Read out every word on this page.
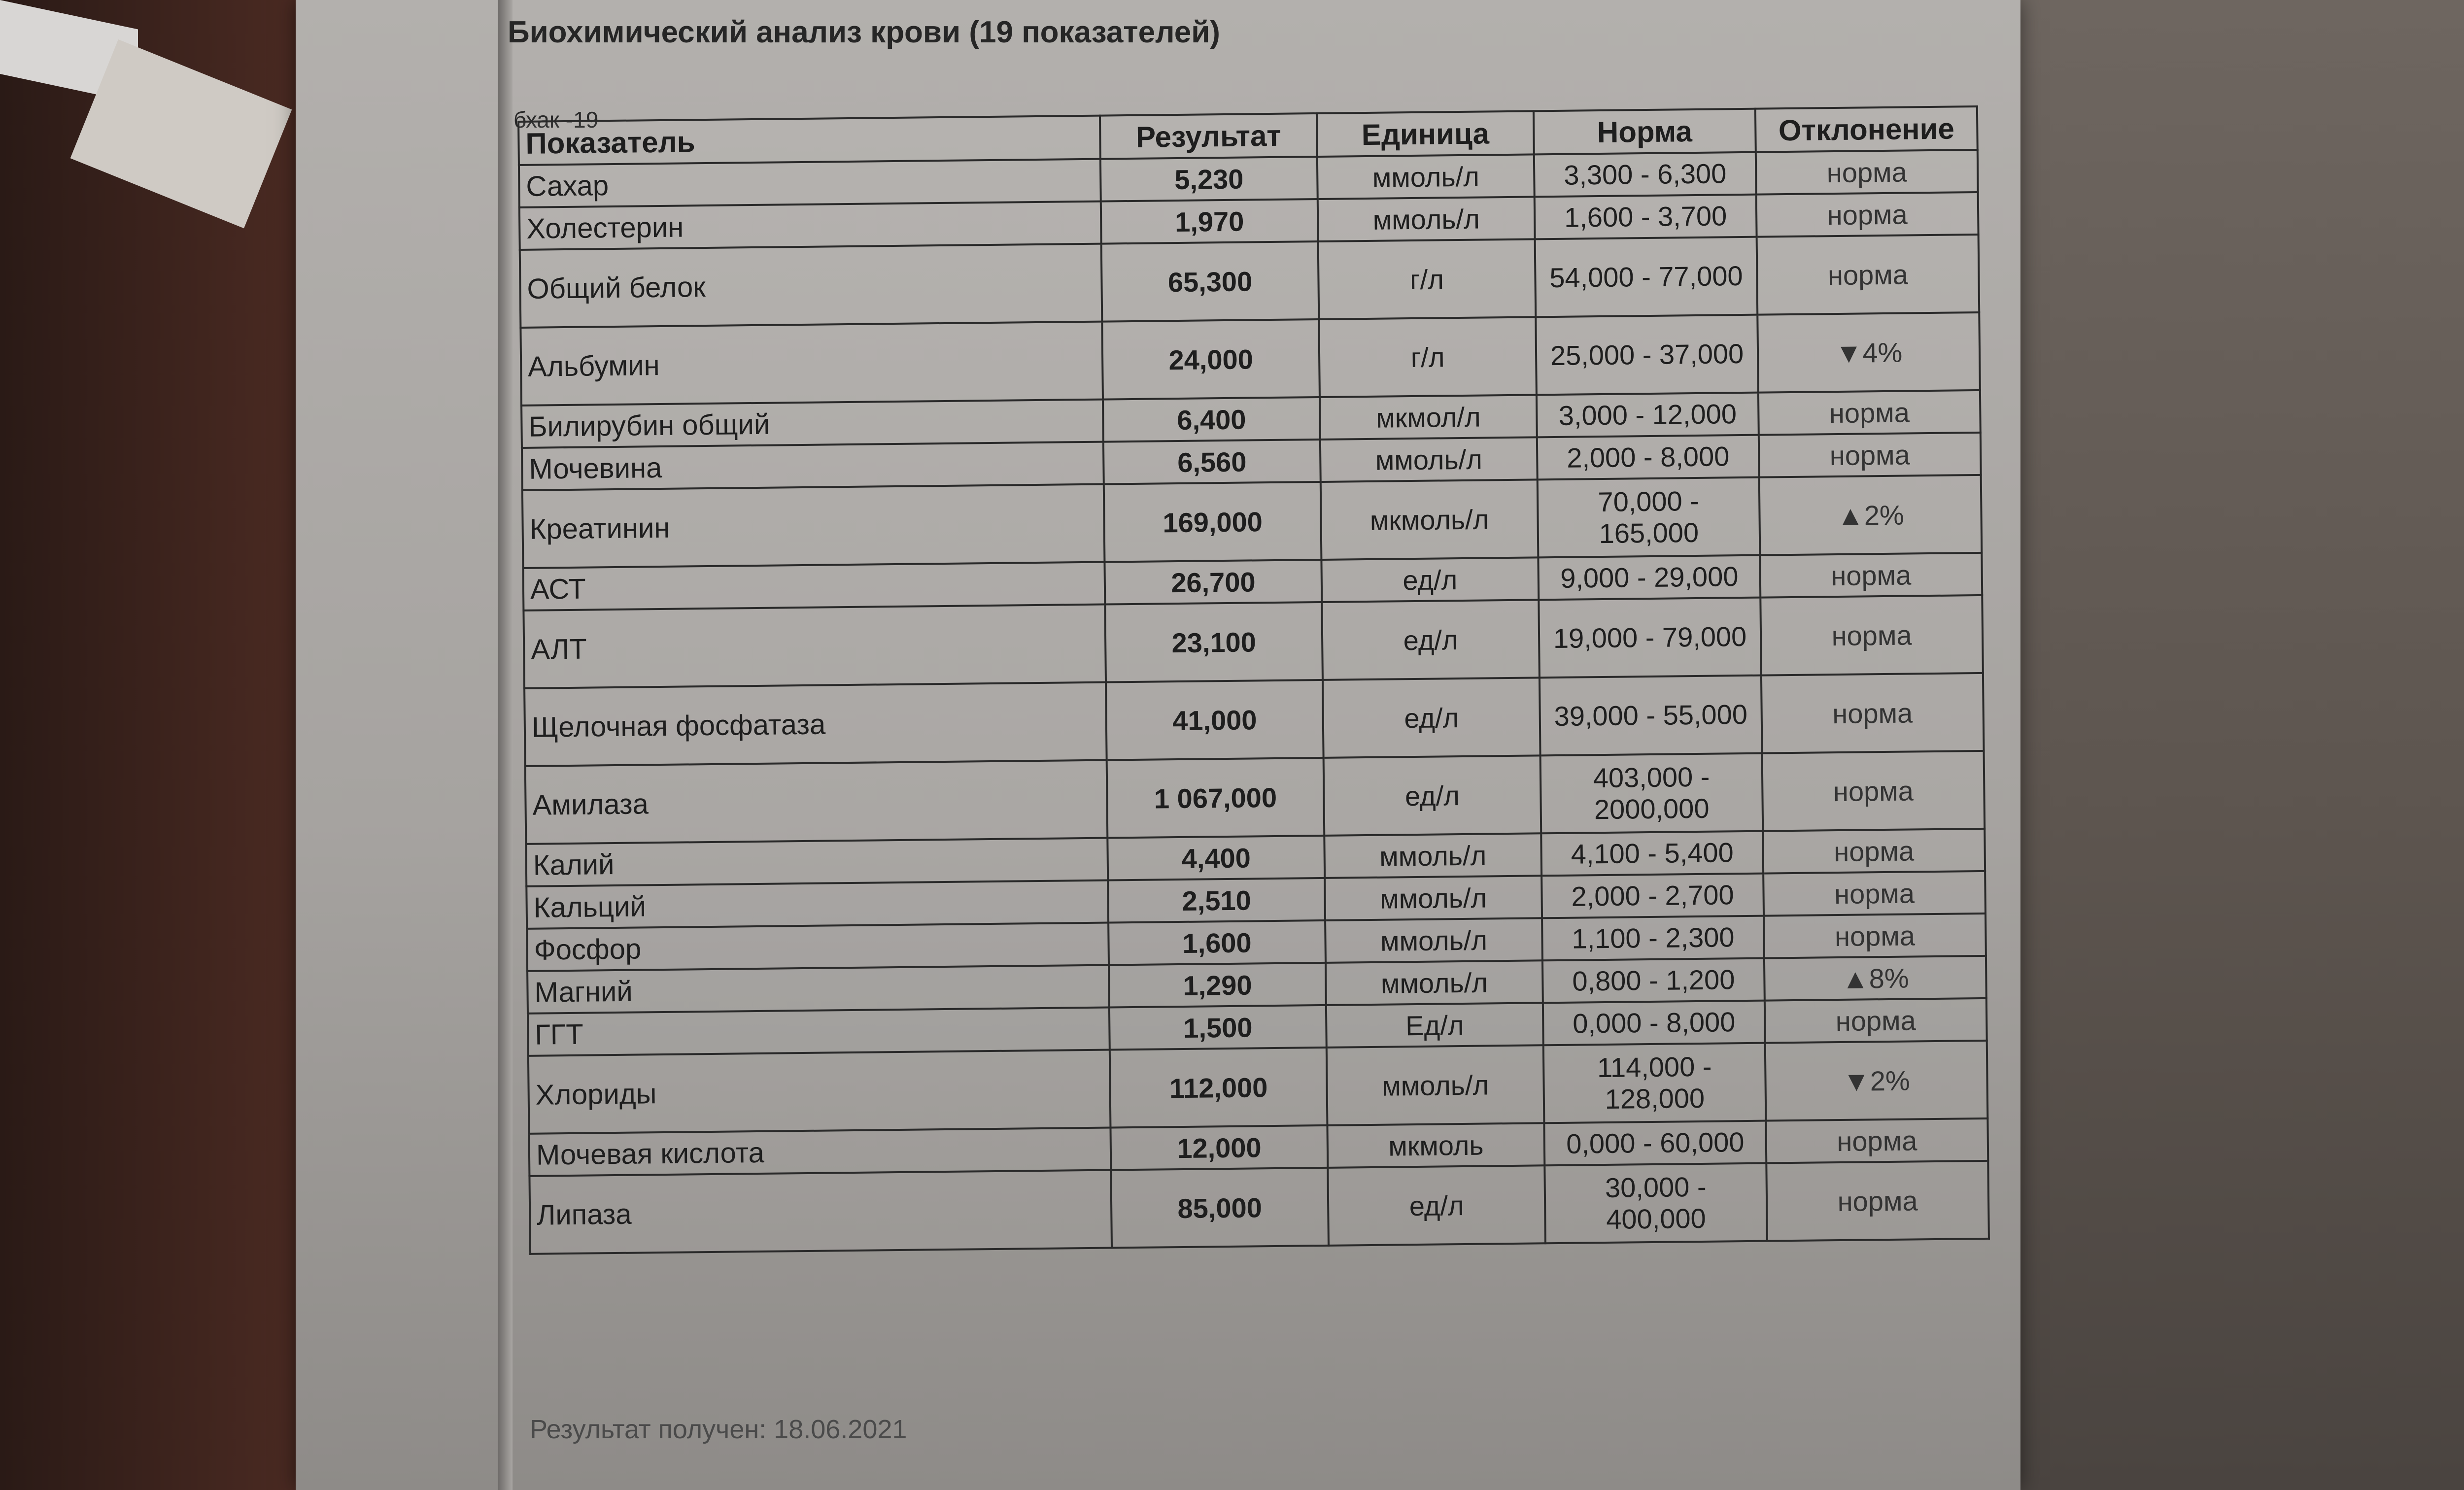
Биохимический анализ крови (19 показателей)
бхак -19
Показатель	Результат	Единица	Норма	Отклонение
Сахар	5,230	ммоль/л	3,300 - 6,300	норма
Холестерин	1,970	ммоль/л	1,600 - 3,700	норма
Общий белок	65,300	г/л	54,000 - 77,000	норма
Альбумин	24,000	г/л	25,000 - 37,000	▼4%
Билирубин общий	6,400	мкмол/л	3,000 - 12,000	норма
Мочевина	6,560	ммоль/л	2,000 - 8,000	норма
Креатинин	169,000	мкмоль/л	70,000 - 165,000	▲2%
АСТ	26,700	ед/л	9,000 - 29,000	норма
АЛТ	23,100	ед/л	19,000 - 79,000	норма
Щелочная фосфатаза	41,000	ед/л	39,000 - 55,000	норма
Амилаза	1 067,000	ед/л	403,000 - 2000,000	норма
Калий	4,400	ммоль/л	4,100 - 5,400	норма
Кальций	2,510	ммоль/л	2,000 - 2,700	норма
Фосфор	1,600	ммоль/л	1,100 - 2,300	норма
Магний	1,290	ммоль/л	0,800 - 1,200	▲8%
ГГТ	1,500	Ед/л	0,000 - 8,000	норма
Хлориды	112,000	ммоль/л	114,000 - 128,000	▼2%
Мочевая кислота	12,000	мкмоль	0,000 - 60,000	норма
Липаза	85,000	ед/л	30,000 - 400,000	норма
Результат получен: 18.06.2021
